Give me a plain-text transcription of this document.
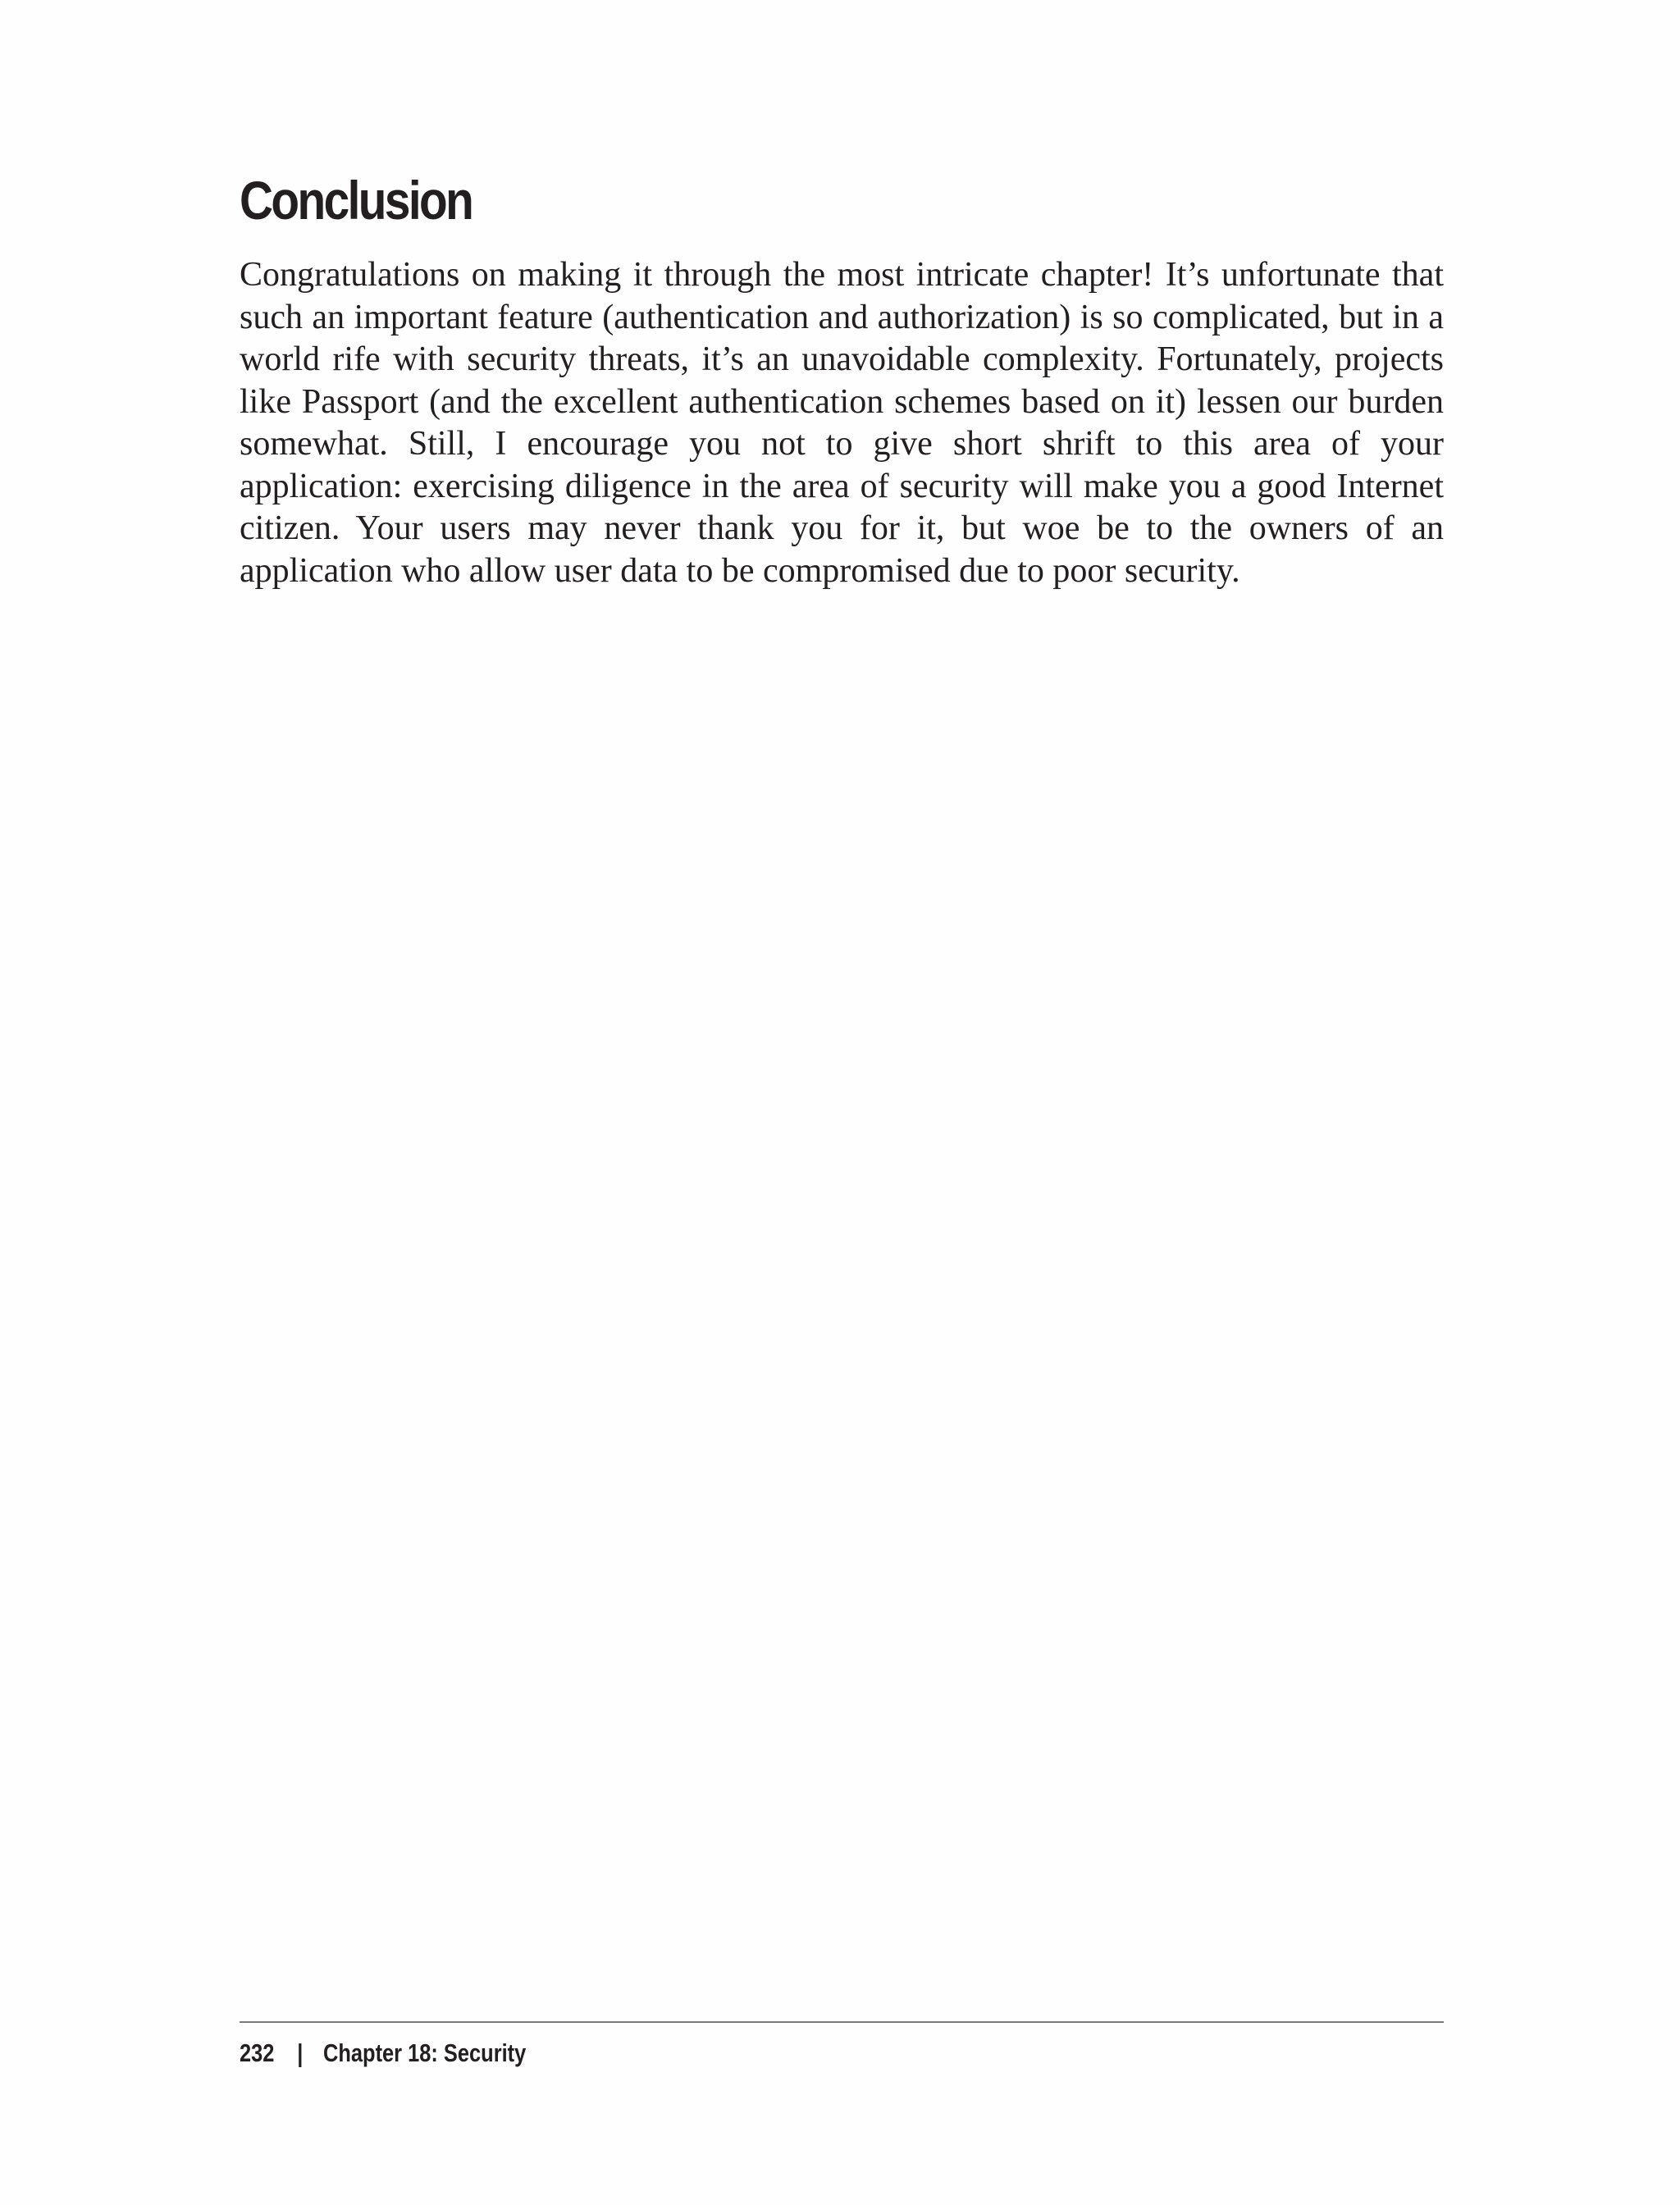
Conclusion

Congratulations on making it through the most intricate chapter! It’s unfortunate that such an important feature (authentication and authorization) is so complicated, but in a world rife with security threats, it’s an unavoidable complexity. Fortunately, projects like Passport (and the excellent authentication schemes based on it) lessen our burden somewhat. Still, I encourage you not to give short shrift to this area of your application: exercising diligence in the area of security will make you a good Internet citizen. Your users may never thank you for it, but woe be to the owners of an application who allow user data to be compromised due to poor security.

232 | Chapter 18: Security
